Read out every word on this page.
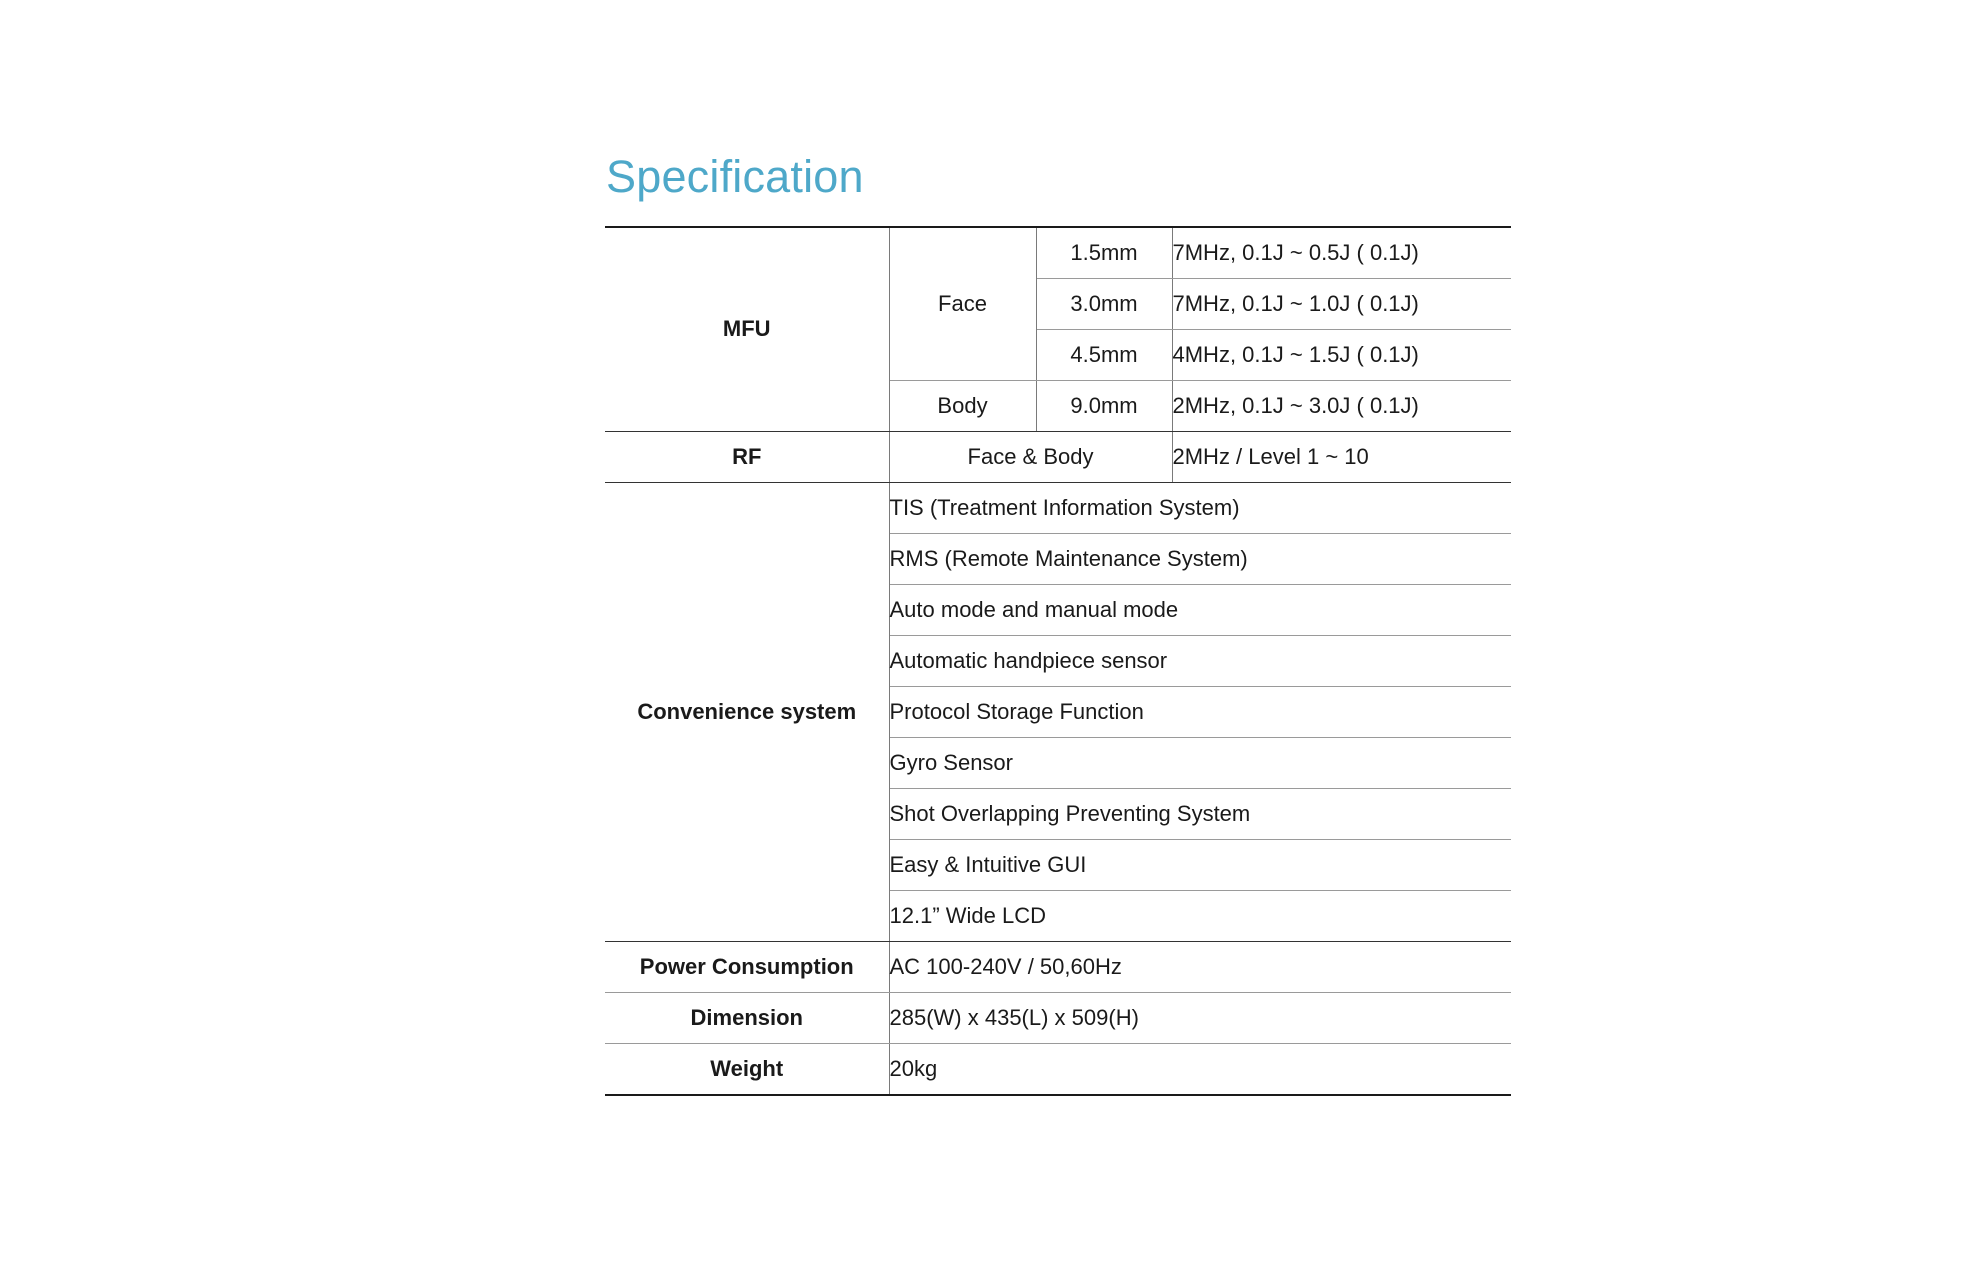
Specification
MFU	Face	1.5mm	7MHz, 0.1J ~ 0.5J ( 0.1J)
		3.0mm	7MHz, 0.1J ~ 1.0J ( 0.1J)
		4.5mm	4MHz, 0.1J ~ 1.5J ( 0.1J)
	Body	9.0mm	2MHz, 0.1J ~ 3.0J ( 0.1J)
RF	Face & Body		2MHz / Level 1 ~ 10
Convenience system	TIS (Treatment Information System)		
	RMS (Remote Maintenance System)		
	Auto mode and manual mode		
	Automatic handpiece sensor		
	Protocol Storage Function		
	Gyro Sensor		
	Shot Overlapping Preventing System		
	Easy & Intuitive GUI		
	12.1” Wide LCD		
Power Consumption	AC 100-240V / 50,60Hz		
Dimension	285(W) x 435(L) x 509(H)		
Weight	20kg		
